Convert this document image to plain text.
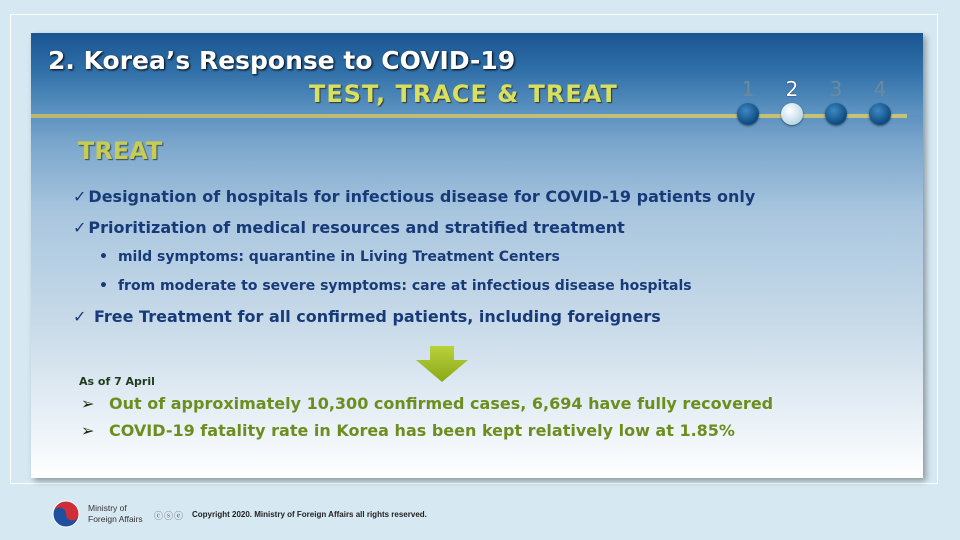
2. Korea’s Response to COVID-19
TEST, TRACE & TREAT	1	2	3	4
TREAT
✓ Designation of hospitals for infectious disease for COVID-19 patients only
✓ Prioritization of medical resources and stratified treatment
• mild symptoms: quarantine in Living Treatment Centers
• from moderate to severe symptoms: care at infectious disease hospitals
✓ Free Treatment for all confirmed patients, including foreigners
As of 7 April
➢ Out of approximately 10,300 confirmed cases, 6,694 have fully recovered
➢ COVID-19 fatality rate in Korea has been kept relatively low at 1.85%
Ministry of
Foreign Affairs ⓒⓢⓔ Copyright 2020. Ministry of Foreign Affairs all rights reserved.
